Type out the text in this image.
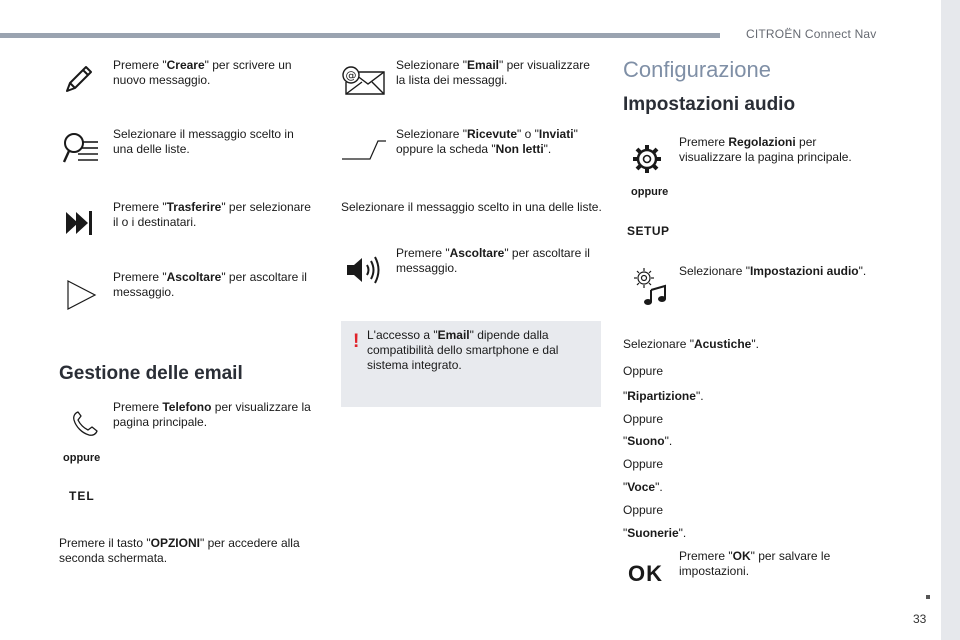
CITROËN Connect Nav
33
Premere "Creare" per scrivere un nuovo messaggio.
Selezionare il messaggio scelto in una delle liste.
Premere "Trasferire" per selezionare il o i destinatari.
Premere "Ascoltare" per ascoltare il messaggio.
Gestione delle email
Premere Telefono per visualizzare la pagina principale.
oppure
TEL
Premere il tasto "OPZIONI" per accedere alla seconda schermata.
@
Selezionare "Email" per visualizzare la lista dei messaggi.
Selezionare "Ricevute" o "Inviati" oppure la scheda "Non letti".
Selezionare il messaggio scelto in una delle liste.
Premere "Ascoltare" per ascoltare il messaggio.
! L'accesso a "Email" dipende dalla compatibilità dello smartphone e dal sistema integrato.
Configurazione
Impostazioni audio
Premere Regolazioni per visualizzare la pagina principale.
oppure
SETUP
Selezionare "Impostazioni audio".
Selezionare "Acustiche".
Oppure
"Ripartizione".
Oppure
"Suono".
Oppure
"Voce".
Oppure
"Suonerie".
OK
Premere "OK" per salvare le impostazioni.
